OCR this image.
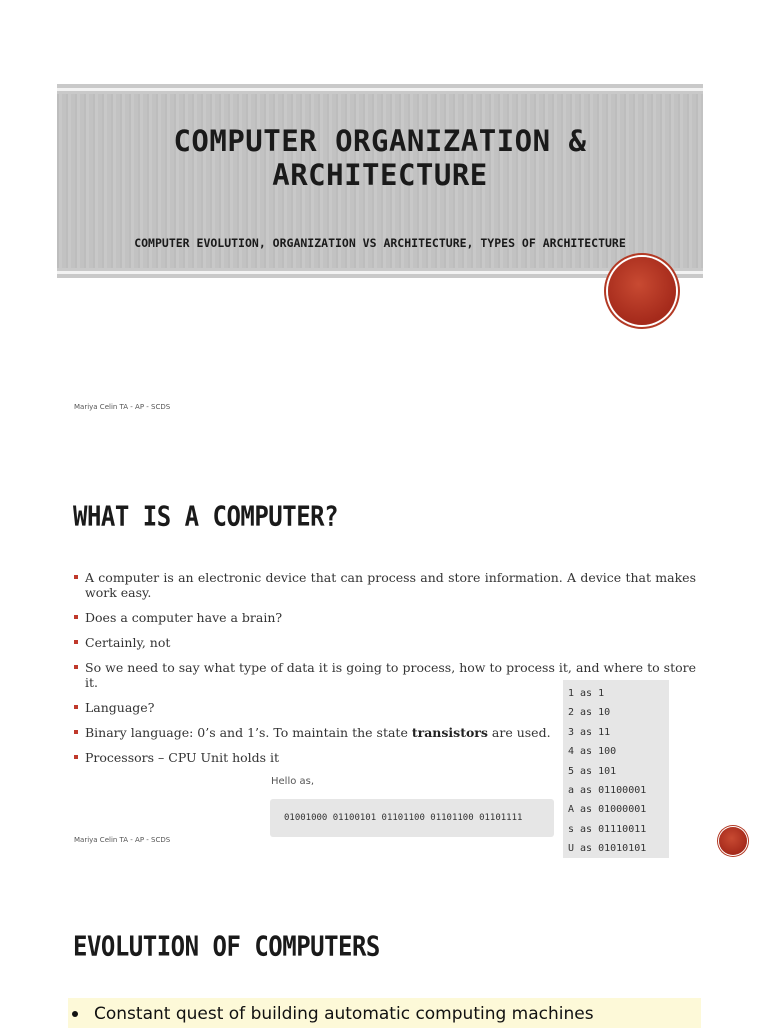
COMPUTER ORGANIZATION &
ARCHITECTURE
COMPUTER EVOLUTION, ORGANIZATION VS ARCHITECTURE, TYPES OF ARCHITECTURE
Mariya Celin TA - AP - SCDS
WHAT IS A COMPUTER?
A computer is an electronic device that can process and store information. A device that makes work easy.
Does a computer have a brain?
Certainly, not
So we need to say what type of data it is going to process, how to process it, and where to store it.
Language?
Binary language: 0’s and 1’s. To maintain the state transistors are used.
Processors – CPU Unit holds it
Hello as,
01001000 01100101 01101100 01101100 01101111
1 as 1
2 as 10
3 as 11
4 as 100
5 as 101
a as 01100001
A as 01000001
s as 01110011
U as 01010101
Mariya Celin TA - AP - SCDS
EVOLUTION OF COMPUTERS
Constant quest of building automatic computing machines
